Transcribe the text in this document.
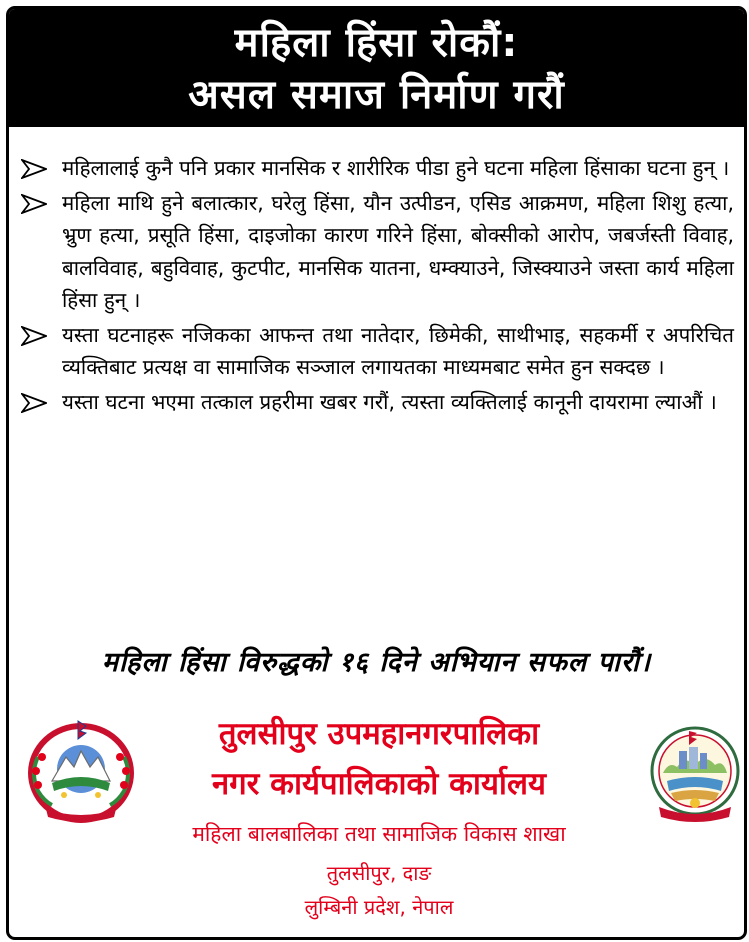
महिला हिंसा रोकौं:
असल समाज निर्माण गरौं
महिलालाई कुनै पनि प्रकार मानसिक र शारीरिक पीडा हुने घटना महिला हिंसाका घटना हुन् ।
महिला माथि हुने बलात्कार, घरेलु हिंसा, यौन उत्पीडन, एसिड आक्रमण, महिला शिशु हत्या, भ्रुण हत्या, प्रसूति हिंसा, दाइजोका कारण गरिने हिंसा, बोक्सीको आरोप, जबर्जस्ती विवाह, बालविवाह, बहुविवाह, कुटपीट, मानसिक यातना, धम्क्याउने, जिस्क्याउने जस्ता कार्य महिला हिंसा हुन् ।
यस्ता घटनाहरू नजिकका आफन्त तथा नातेदार, छिमेकी, साथीभाइ, सहकर्मी र अपरिचित व्यक्तिबाट प्रत्यक्ष वा सामाजिक सञ्जाल लगायतका माध्यमबाट समेत हुन सक्दछ ।
यस्ता घटना भएमा तत्काल प्रहरीमा खबर गरौं, त्यस्ता व्यक्तिलाई कानूनी दायरामा ल्याऔं ।
महिला हिंसा विरुद्धको १६ दिने अभियान सफल पारौं।
तुलसीपुर उपमहानगरपालिका
नगर कार्यपालिकाको कार्यालय
महिला बालबालिका तथा सामाजिक विकास शाखा
तुलसीपुर, दाङ
लुम्बिनी प्रदेश, नेपाल
